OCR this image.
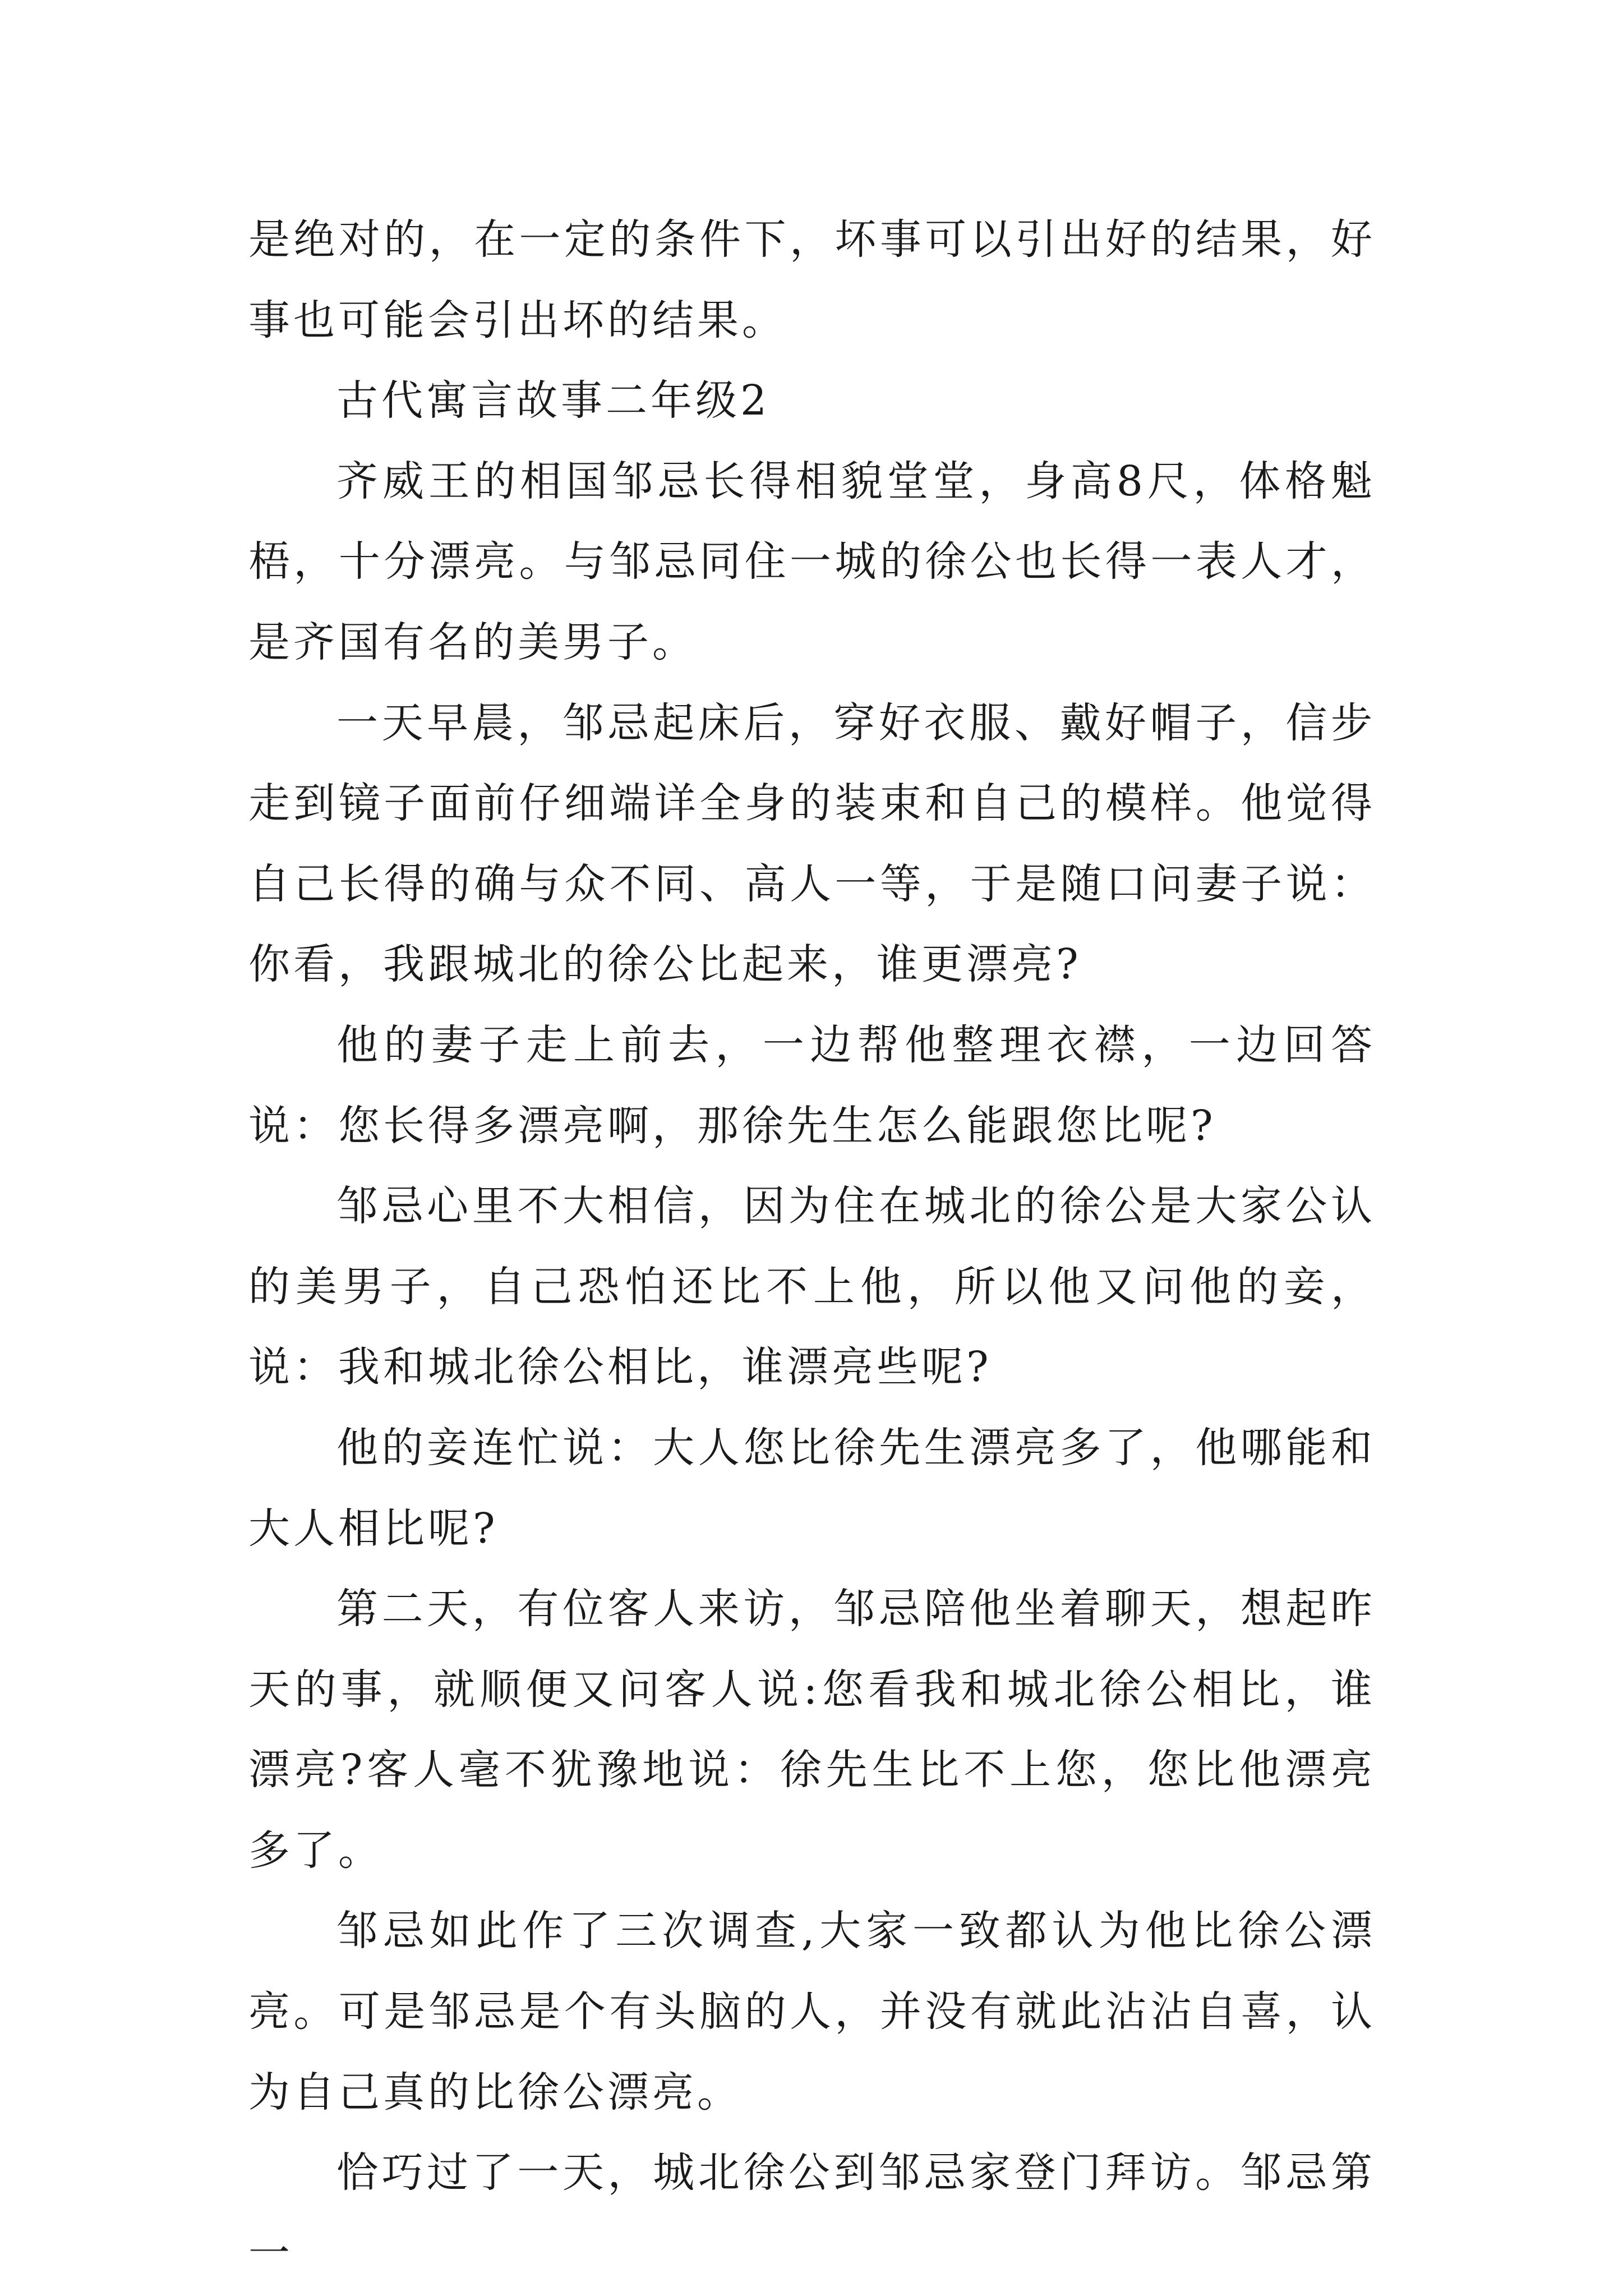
是绝对的，在一定的条件下，坏事可以引出好的结果，好事也可能会引出坏的结果。

古代寓言故事二年级2

齐威王的相国邹忌长得相貌堂堂，身高8尺，体格魁梧，十分漂亮。与邹忌同住一城的徐公也长得一表人才，是齐国有名的美男子。

一天早晨，邹忌起床后，穿好衣服、戴好帽子，信步走到镜子面前仔细端详全身的装束和自己的模样。他觉得自己长得的确与众不同、高人一等，于是随口问妻子说：你看，我跟城北的徐公比起来，谁更漂亮?

他的妻子走上前去，一边帮他整理衣襟，一边回答说：您长得多漂亮啊，那徐先生怎么能跟您比呢?

邹忌心里不大相信，因为住在城北的徐公是大家公认的美男子，自己恐怕还比不上他，所以他又问他的妾，说：我和城北徐公相比，谁漂亮些呢?

他的妾连忙说：大人您比徐先生漂亮多了，他哪能和大人相比呢?

第二天，有位客人来访，邹忌陪他坐着聊天，想起昨天的事，就顺便又问客人说:您看我和城北徐公相比，谁漂亮?客人毫不犹豫地说：徐先生比不上您，您比他漂亮多了。

邹忌如此作了三次调查,大家一致都认为他比徐公漂亮。可是邹忌是个有头脑的人，并没有就此沾沾自喜，认为自己真的比徐公漂亮。

恰巧过了一天，城北徐公到邹忌家登门拜访。邹忌第一
